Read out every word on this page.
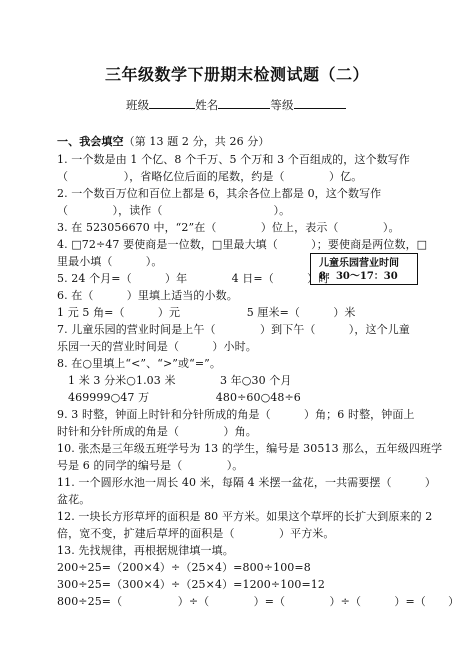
三年级数学下册期末检测试题（二）
班级	姓名	等级
一、我会填空（第 13 题 2 分，共 26 分）
1. 一个数是由 1 个亿、8 个千万、5 个万和 3 个百组成的，这个数写作
（　　　　　），省略亿位后面的尾数，约是（　　　　）亿。
2. 一个数百万位和百位上都是 6，其余各位上都是 0，这个数写作
（　　　　），读作（　　　　　　　　　　）。
3. 在 523056670 中，“2”在（　　　　）位上，表示（　　　　）。
4. □72÷47 要使商是一位数，□里最大填（　　　）；要使商是两位数，□
里最小填（　　　）。
5. 24 个月=（　　　）年　　　　4 日=（　　　）时
6. 在（　　　）里填上适当的小数。
1 元 5 角=（　　　）元　　　　　　5 厘米=（　　　）米
7. 儿童乐园的营业时间是上午（　　　　）到下午（　　　），这个儿童
乐园一天的营业时间是（　　　）小时。
8. 在○里填上“<”、“>”或“=”。
1 米 3 分米○1.03 米　　　　3 年○30 个月
469999○47 万　　　　　　480÷60○48÷6
9. 3 时整，钟面上时针和分针所成的角是（　　　）角；6 时整，钟面上
时针和分针所成的角是（　　　　）角。
10. 张杰是三年级五班学号为 13 的学生，编号是 30513 那么，五年级四班学
号是 6 的同学的编号是（　　　　）。
11. 一个圆形水池一周长 40 米，每隔 4 米摆一盆花，一共需要摆（　　　）
盆花。
12. 一块长方形草坪的面积是 80 平方米。如果这个草坪的长扩大到原来的 2
倍，宽不变，扩建后草坪的面积是（　　　　）平方米。
13. 先找规律，再根据规律填一填。
200÷25=（200×4）÷（25×4）=800÷100=8
300÷25=（300×4）÷（25×4）=1200÷100=12
800÷25=（　　　　　）÷（　　　　）=（　　　　）÷（　　　）=（　　）
儿童乐园营业时间
8：30～17：30
